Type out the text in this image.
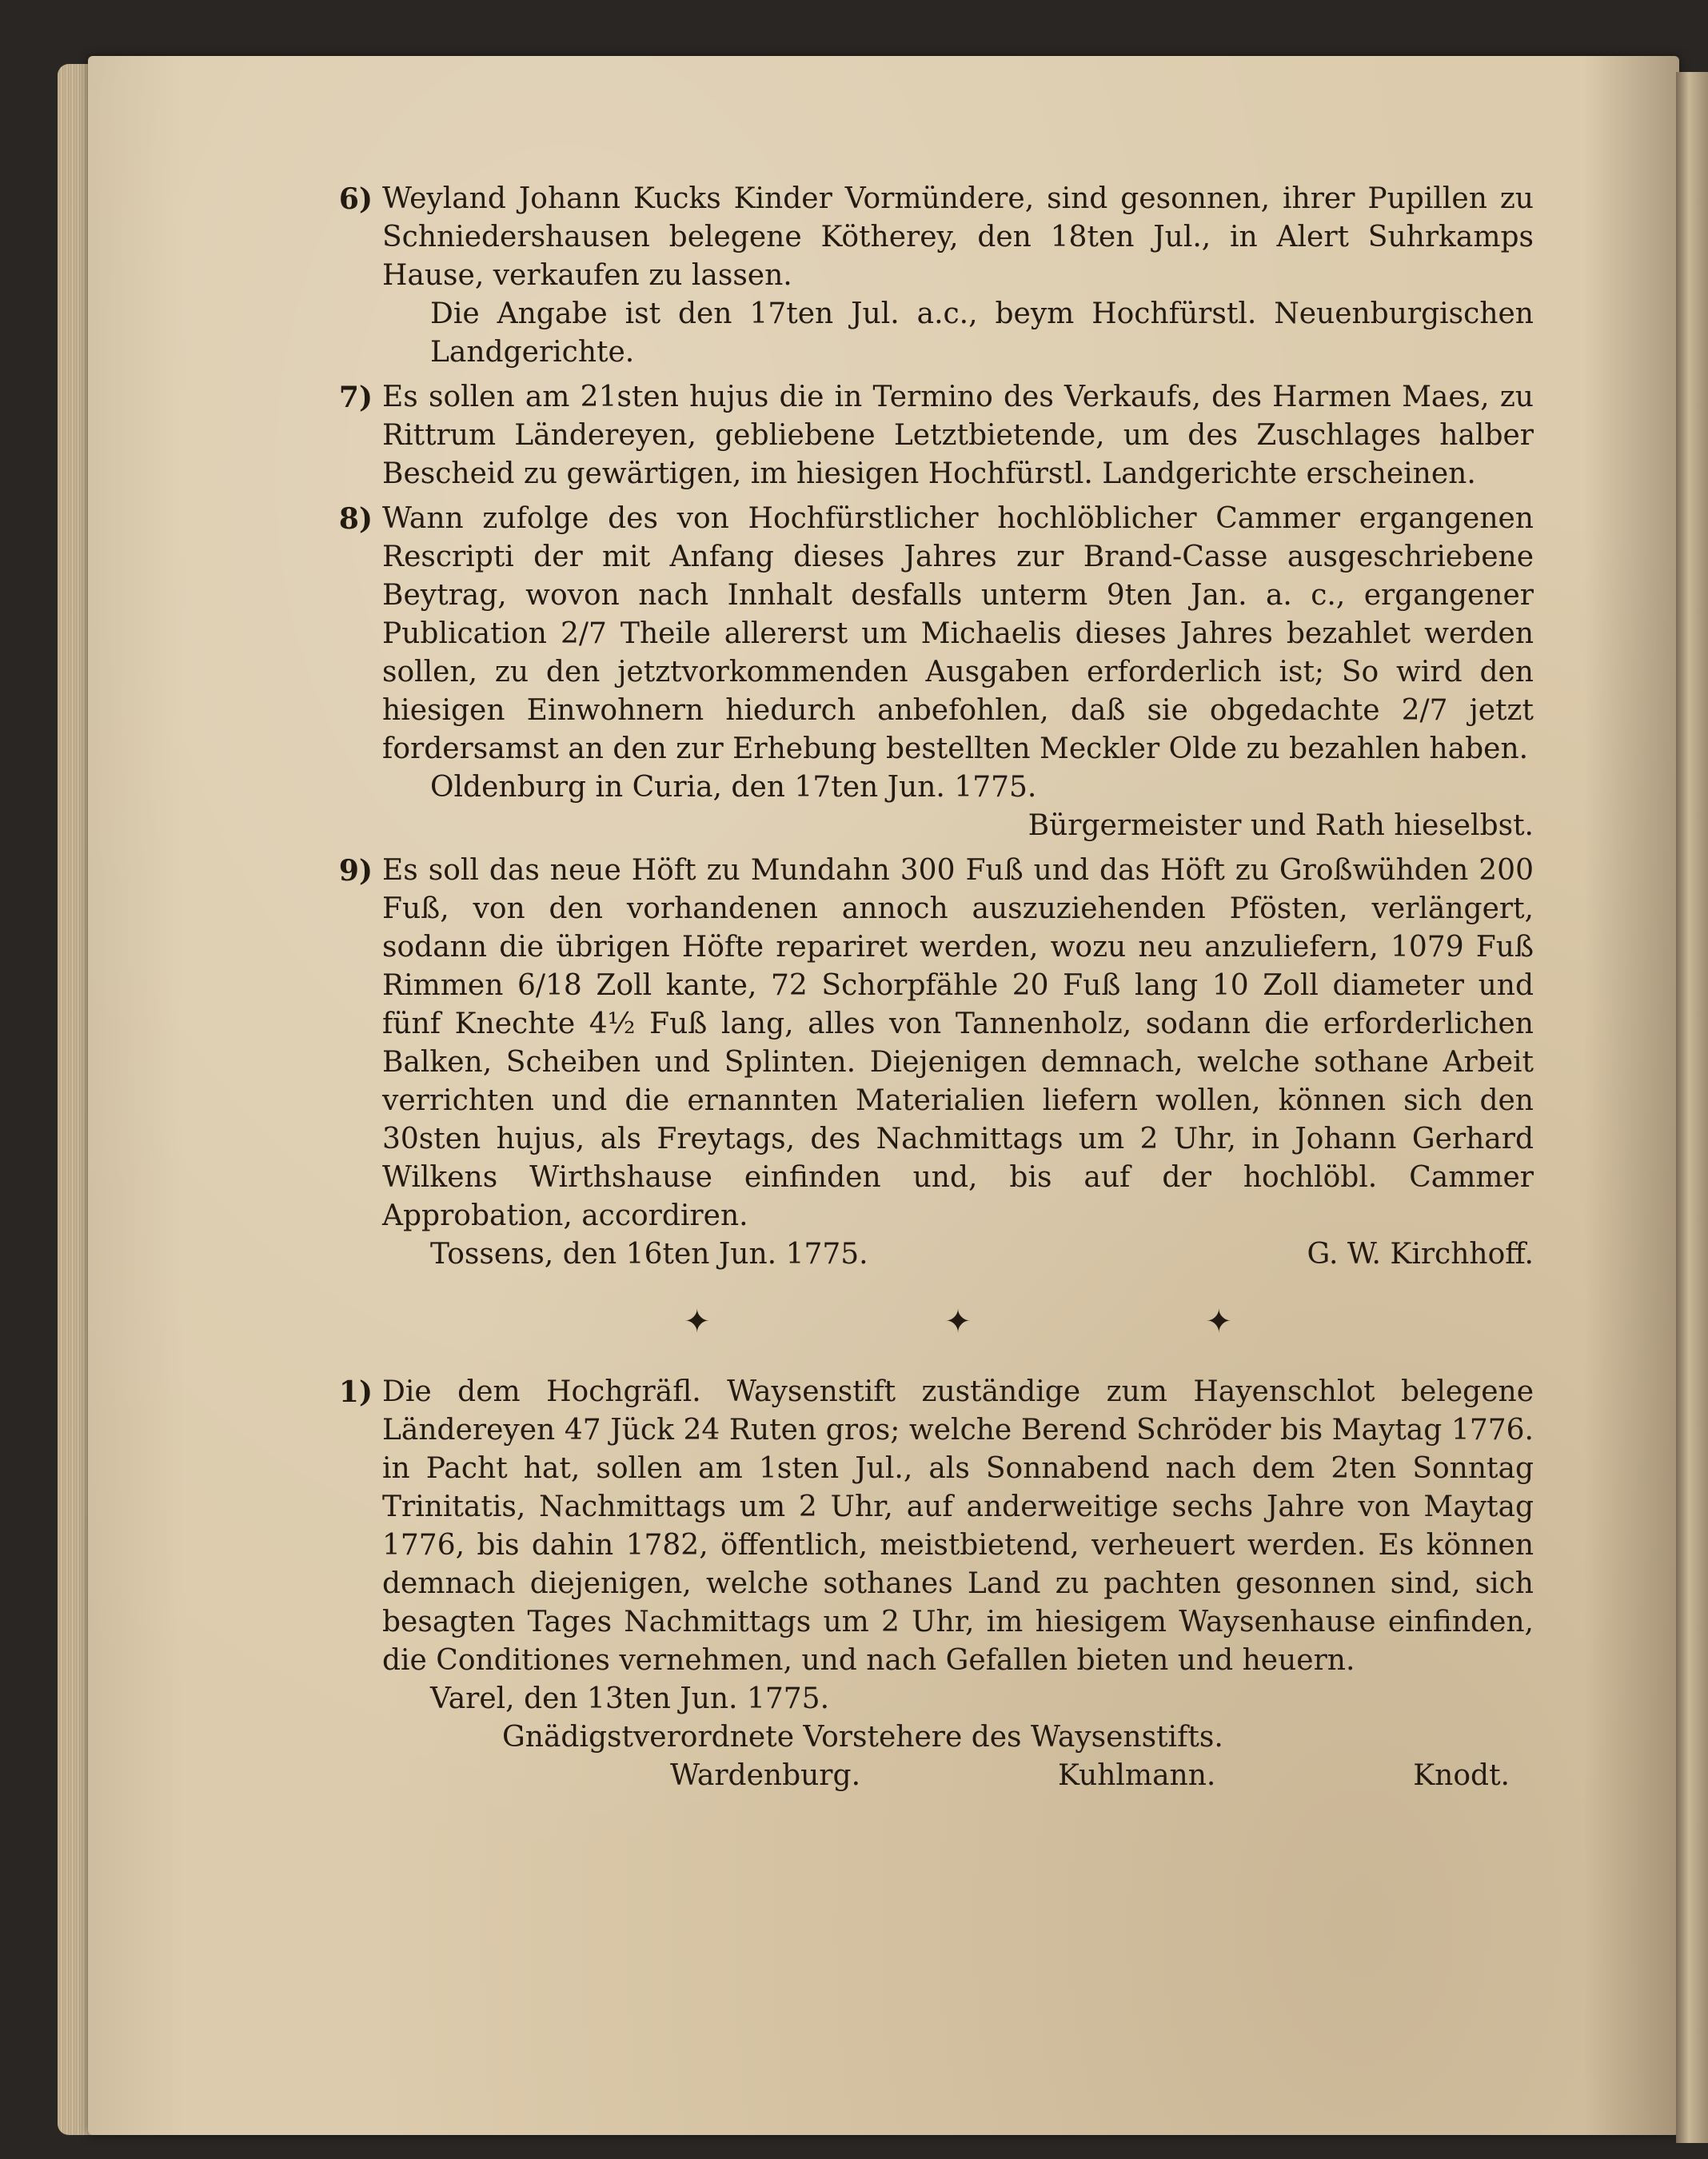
6) Weyland Johann Kucks Kinder Vormündere, sind gesonnen, ihrer Pupillen zu Schniedershausen belegene Kötherey, den 18ten Jul., in Alert Suhrkamps Hause, verkaufen zu lassen.

Die Angabe ist den 17ten Jul. a.c., beym Hochfürstl. Neuenburgischen Landgerichte.

7) Es sollen am 21sten hujus die in Termino des Verkaufs, des Harmen Maes, zu Rittrum Ländereyen, gebliebene Letztbietende, um des Zuschlages halber Bescheid zu gewärtigen, im hiesigen Hochfürstl. Landgerichte erscheinen.

8) Wann zufolge des von Hochfürstlicher hochlöblicher Cammer ergangenen Rescripti der mit Anfang dieses Jahres zur Brand-Casse ausgeschriebene Beytrag, wovon nach Innhalt desfalls unterm 9ten Jan. a. c., ergangener Publication 2/7 Theile allererst um Michaelis dieses Jahres bezahlet werden sollen, zu den jetztvorkommenden Ausgaben erforderlich ist; So wird den hiesigen Einwohnern hiedurch anbefohlen, daß sie obgedachte 2/7 jetzt fordersamst an den zur Erhebung bestellten Meckler Olde zu bezahlen haben.

Oldenburg in Curia, den 17ten Jun. 1775.

Bürgermeister und Rath hieselbst.

9) Es soll das neue Höft zu Mundahn 300 Fuß und das Höft zu Großwühden 200 Fuß, von den vorhandenen annoch auszuziehenden Pfösten, verlängert, sodann die übrigen Höfte repariret werden, wozu neu anzuliefern, 1079 Fuß Rimmen 6/18 Zoll kante, 72 Schorpfähle 20 Fuß lang 10 Zoll diameter und fünf Knechte 4½ Fuß lang, alles von Tannenholz, sodann die erforderlichen Balken, Scheiben und Splinten. Diejenigen demnach, welche sothane Arbeit verrichten und die ernannten Materialien liefern wollen, können sich den 30sten hujus, als Freytags, des Nachmittags um 2 Uhr, in Johann Gerhard Wilkens Wirthshause einfinden und, bis auf der hochlöbl. Cammer Approbation, accordiren.

Tossens, den 16ten Jun. 1775.	G. W. Kirchhoff.
✦ ✦ ✦
1) Die dem Hochgräfl. Waysenstift zuständige zum Hayenschlot belegene Ländereyen 47 Jück 24 Ruten gros; welche Berend Schröder bis Maytag 1776. in Pacht hat, sollen am 1sten Jul., als Sonnabend nach dem 2ten Sonntag Trinitatis, Nachmittags um 2 Uhr, auf anderweitige sechs Jahre von Maytag 1776, bis dahin 1782, öffentlich, meistbietend, verheuert werden. Es können demnach diejenigen, welche sothanes Land zu pachten gesonnen sind, sich besagten Tages Nachmittags um 2 Uhr, im hiesigem Waysenhause einfinden, die Conditiones vernehmen, und nach Gefallen bieten und heuern.

Varel, den 13ten Jun. 1775.

Gnädigstverordnete Vorstehere des Waysenstifts.

Wardenburg.	Kuhlmann.	Knodt.
